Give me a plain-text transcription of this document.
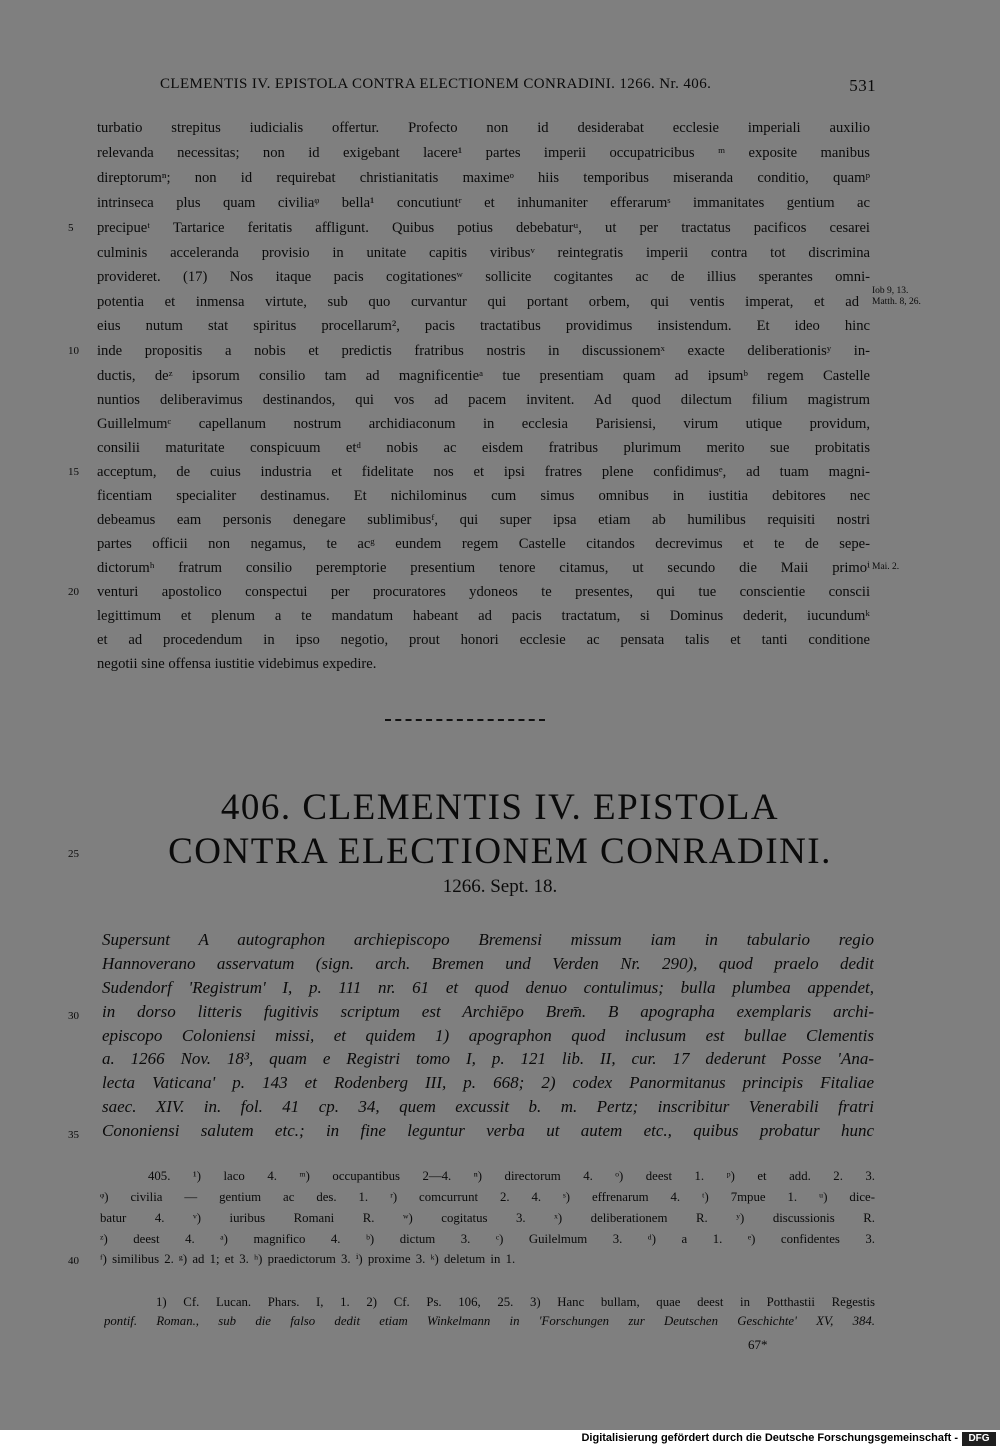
CLEMENTIS IV. EPISTOLA CONTRA ELECTIONEM CONRADINI. 1266. Nr. 406.	531
turbatio strepitus iudicialis offertur. Profecto non id desiderabat ecclesie imperiali auxilio
relevanda necessitas; non id exigebant lacere¹ partes imperii occupatricibus ᵐ exposite manibus
direptorumⁿ; non id requirebat christianitatis maximeᵒ hiis temporibus miseranda conditio, quamᵖ
intrinseca plus quam civiliaᵠ bella¹ concutiuntʳ et inhumaniter efferarumˢ immanitates gentium ac
precipueᵗ Tartarice feritatis affligunt. Quibus potius debebaturᵘ, ut per tractatus pacificos cesarei
culminis acceleranda provisio in unitate capitis viribusᵛ reintegratis imperii contra tot discrimina
provideret. (17) Nos itaque pacis cogitationesʷ sollicite cogitantes ac de illius sperantes omni-
potentia et inmensa virtute, sub quo curvantur qui portant orbem, qui ventis imperat, et ad
eius nutum stat spiritus procellarum², pacis tractatibus providimus insistendum. Et ideo hinc
inde propositis a nobis et predictis fratribus nostris in discussionemˣ exacte deliberationisʸ in-
ductis, deᶻ ipsorum consilio tam ad magnificentieᵃ tue presentiam quam ad ipsumᵇ regem Castelle
nuntios deliberavimus destinandos, qui vos ad pacem invitent. Ad quod dilectum filium magistrum
Guillelmumᶜ capellanum nostrum archidiaconum in ecclesia Parisiensi, virum utique providum,
consilii maturitate conspicuum etᵈ nobis ac eisdem fratribus plurimum merito sue probitatis
acceptum, de cuius industria et fidelitate nos et ipsi fratres plene confidimusᵉ, ad tuam magni-
ficentiam specialiter destinamus. Et nichilominus cum simus omnibus in iustitia debitores nec
debeamus eam personis denegare sublimibusᶠ, qui super ipsa etiam ab humilibus requisiti nostri
partes officii non negamus, te acᵍ eundem regem Castelle citandos decrevimus et te de sepe-
dictorumʰ fratrum consilio peremptorie presentium tenore citamus, ut secundo die Maii primoⁱ
venturi apostolico conspectui per procuratores ydoneos te presentes, qui tue conscientie conscii
legittimum et plenum a te mandatum habeant ad pacis tractatum, si Dominus dederit, iucundumᵏ
et ad procedendum in ipso negotio, prout honori ecclesie ac pensata talis et tanti conditione
negotii sine offensa iustitie videbimus expedire.
5
10
15
20
Iob 9, 13.
Matth. 8, 26.
Mai. 2.
406. CLEMENTIS IV. EPISTOLA
CONTRA ELECTIONEM CONRADINI.
25
1266. Sept. 18.
Supersunt A autographon archiepiscopo Bremensi missum iam in tabulario regio
Hannoverano asservatum (sign. arch. Bremen und Verden Nr. 290), quod praelo dedit
Sudendorf 'Registrum' I, p. 111 nr. 61 et quod denuo contulimus; bulla plumbea appendet,
in dorso litteris fugitivis scriptum est Archiēpo Brem̄. B apographa exemplaris archi-
episcopo Coloniensi missi, et quidem 1) apographon quod inclusum est bullae Clementis
a. 1266 Nov. 18³, quam e Registri tomo I, p. 121 lib. II, cur. 17 dederunt Posse 'Ana-
lecta Vaticana' p. 143 et Rodenberg III, p. 668; 2) codex Panormitanus principis Fitaliae
saec. XIV. in. fol. 41 cp. 34, quem excussit b. m. Pertz; inscribitur Venerabili fratri
Cononiensi salutem etc.; in fine leguntur verba ut autem etc., quibus probatur hunc
30
35
405. ¹) laco 4. ᵐ) occupantibus 2—4. ⁿ) directorum 4. ᵒ) deest 1. ᵖ) et add. 2. 3.
ᵠ) civilia — gentium ac des. 1. ʳ) comcurrunt 2. 4. ˢ) effrenarum 4. ᵗ) 7mpue 1. ᵘ) dice-
batur 4. ᵛ) iuribus Romani R. ʷ) cogitatus 3. ˣ) deliberationem R. ʸ) discussionis R.
ᶻ) deest 4. ᵃ) magnifico 4. ᵇ) dictum 3. ᶜ) Guilelmum 3. ᵈ) a 1. ᵉ) confidentes 3.
ᶠ) similibus 2. ᵍ) ad 1; et 3. ʰ) praedictorum 3. ⁱ) proxime 3. ᵏ) deletum in 1.
40
1) Cf. Lucan. Phars. I, 1. 2) Cf. Ps. 106, 25. 3) Hanc bullam, quae deest in Potthastii Regestis
pontif. Roman., sub die falso dedit etiam Winkelmann in 'Forschungen zur Deutschen Geschichte' XV, 384.
67*
Digitalisierung gefördert durch die Deutsche Forschungsgemeinschaft -	DFG
